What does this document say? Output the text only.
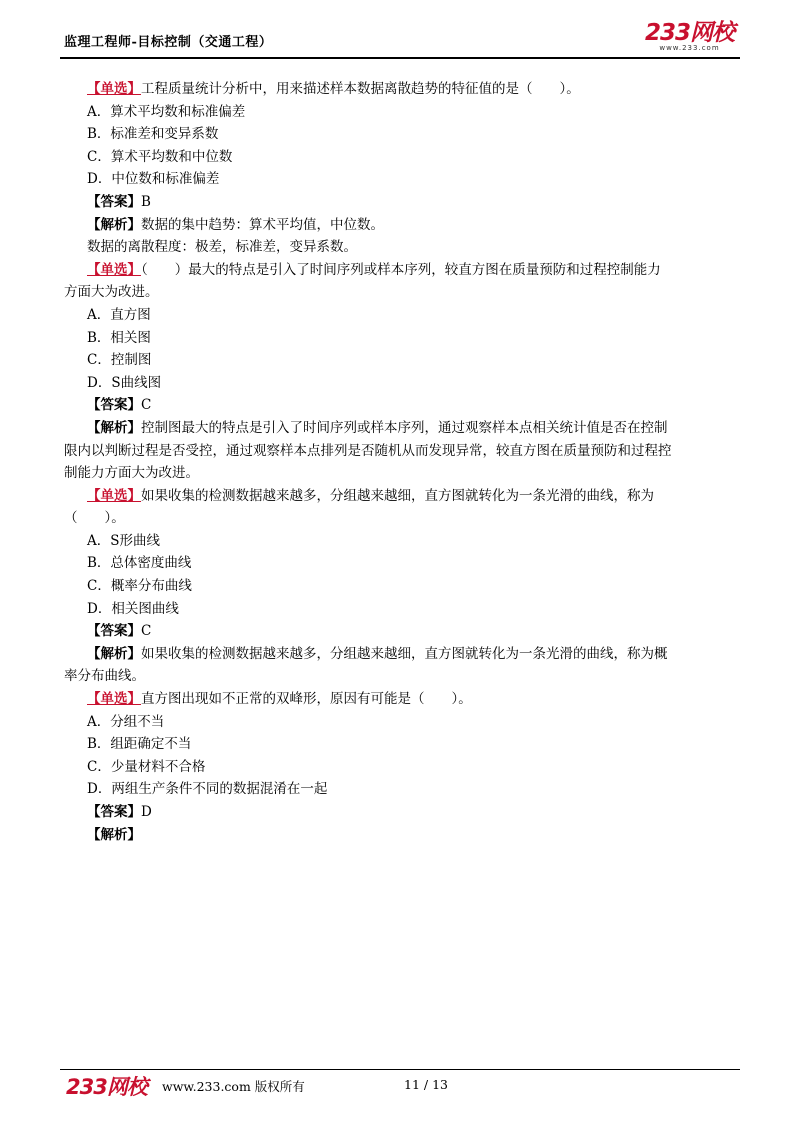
监理工程师-目标控制（交通工程）	233网校
www.233.com
【单选】工程质量统计分析中，用来描述样本数据离散趋势的特征值的是（　　）。
A．算术平均数和标准偏差
B．标准差和变异系数
C．算术平均数和中位数
D．中位数和标准偏差
【答案】B
【解析】数据的集中趋势：算术平均值，中位数。
数据的离散程度：极差，标准差，变异系数。
【单选】（　　）最大的特点是引入了时间序列或样本序列，较直方图在质量预防和过程控制能力
方面大为改进。
A．直方图
B．相关图
C．控制图
D．S曲线图
【答案】C
【解析】控制图最大的特点是引入了时间序列或样本序列，通过观察样本点相关统计值是否在控制
限内以判断过程是否受控，通过观察样本点排列是否随机从而发现异常，较直方图在质量预防和过程控
制能力方面大为改进。
【单选】如果收集的检测数据越来越多，分组越来越细，直方图就转化为一条光滑的曲线，称为
（　　）。
A．S形曲线
B．总体密度曲线
C．概率分布曲线
D．相关图曲线
【答案】C
【解析】如果收集的检测数据越来越多，分组越来越细，直方图就转化为一条光滑的曲线，称为概
率分布曲线。
【单选】直方图出现如不正常的双峰形，原因有可能是（　　）。
A．分组不当
B．组距确定不当
C．少量材料不合格
D．两组生产条件不同的数据混淆在一起
【答案】D
【解析】
233网校 www.233.com 版权所有	11 / 13
